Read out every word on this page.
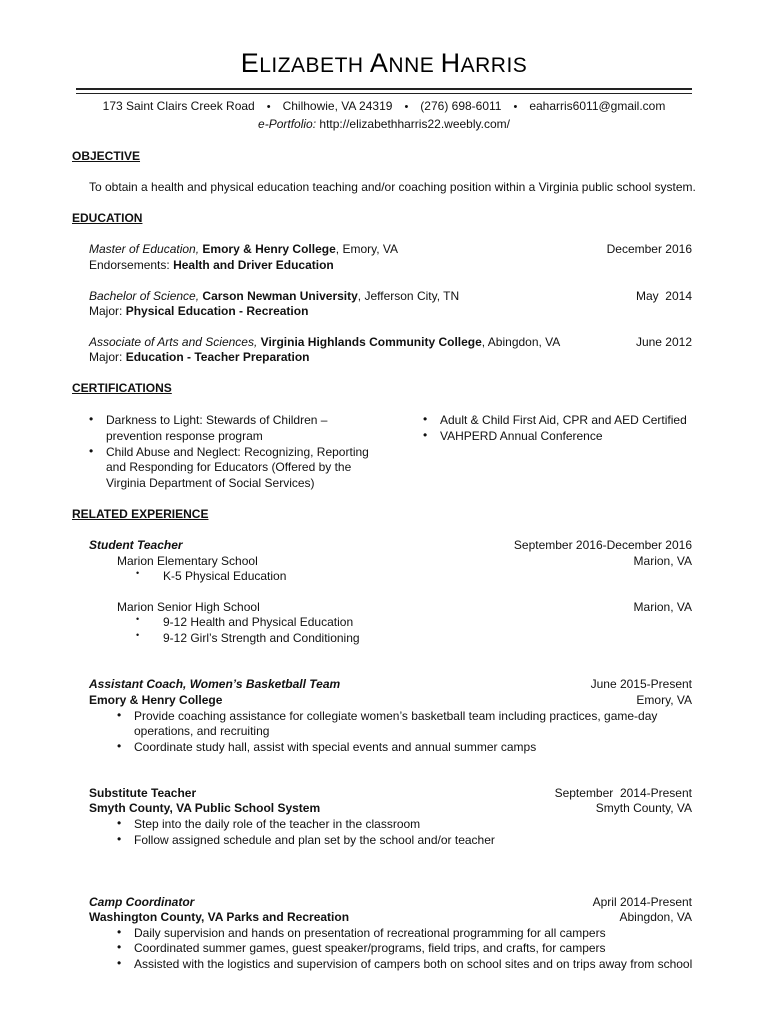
ELIZABETH ANNE HARRIS
173 Saint Clairs Creek Road • Chilhowie, VA 24319 • (276) 698-6011 • eaharris6011@gmail.com
e-Portfolio: http://elizabethharris22.weebly.com/
OBJECTIVE
To obtain a health and physical education teaching and/or coaching position within a Virginia public school system.
EDUCATION
Master of Education, Emory & Henry College, Emory, VA	December 2016
Endorsements: Health and Driver Education
Bachelor of Science, Carson Newman University, Jefferson City, TN	May  2014
Major: Physical Education - Recreation
Associate of Arts and Sciences, Virginia Highlands Community College, Abingdon, VA	June 2012
Major: Education - Teacher Preparation
CERTIFICATIONS
• Darkness to Light: Stewards of Children –
prevention response program
• Child Abuse and Neglect: Recognizing, Reporting
and Responding for Educators (Offered by the
Virginia Department of Social Services)
• Adult & Child First Aid, CPR and AED Certified
• VAHPERD Annual Conference
RELATED EXPERIENCE
Student Teacher	September 2016-December 2016
Marion Elementary School	Marion, VA
• K-5 Physical Education
Marion Senior High School	Marion, VA
• 9-12 Health and Physical Education
• 9-12 Girl’s Strength and Conditioning
Assistant Coach, Women’s Basketball Team	June 2015-Present
Emory & Henry College	Emory, VA
• Provide coaching assistance for collegiate women’s basketball team including practices, game-day
operations, and recruiting
• Coordinate study hall, assist with special events and annual summer camps
Substitute Teacher	September  2014-Present
Smyth County, VA Public School System	Smyth County, VA
• Step into the daily role of the teacher in the classroom
• Follow assigned schedule and plan set by the school and/or teacher
Camp Coordinator	April 2014-Present
Washington County, VA Parks and Recreation	Abingdon, VA
• Daily supervision and hands on presentation of recreational programming for all campers
• Coordinated summer games, guest speaker/programs, field trips, and crafts, for campers
• Assisted with the logistics and supervision of campers both on school sites and on trips away from school
